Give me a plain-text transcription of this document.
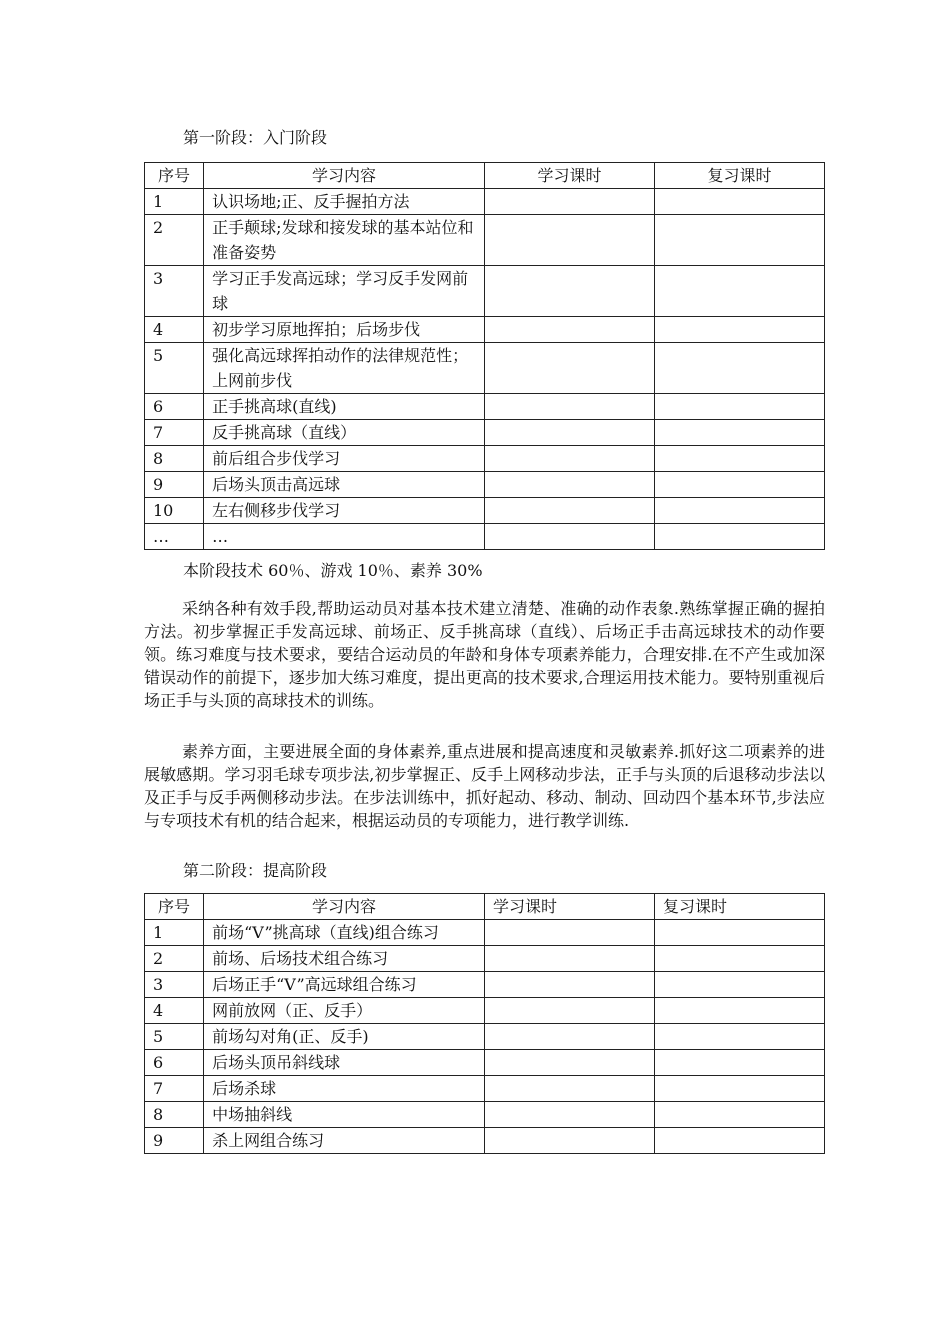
第一阶段：入门阶段
序号	学习内容	学习课时	复习课时
1	认识场地;正、反手握拍方法		
2	正手颠球;发球和接发球的基本站位和准备姿势		
3	学习正手发高远球；学习反手发网前球		
4	初步学习原地挥拍；后场步伐		
5	强化高远球挥拍动作的法律规范性；上网前步伐		
6	正手挑高球(直线)		
7	反手挑高球（直线）		
8	前后组合步伐学习		
9	后场头顶击高远球		
10	左右侧移步伐学习		
…	…		
本阶段技术 60％、游戏 10％、素养 30%
采纳各种有效手段,帮助运动员对基本技术建立清楚、准确的动作表象.熟练掌握正确的握拍方法。初步掌握正手发高远球、前场正、反手挑高球（直线）、后场正手击高远球技术的动作要领。练习难度与技术要求，要结合运动员的年龄和身体专项素养能力，合理安排.在不产生或加深错误动作的前提下，逐步加大练习难度，提出更高的技术要求,合理运用技术能力。要特别重视后场正手与头顶的高球技术的训练。
素养方面，主要进展全面的身体素养,重点进展和提高速度和灵敏素养.抓好这二项素养的进展敏感期。学习羽毛球专项步法,初步掌握正、反手上网移动步法，正手与头顶的后退移动步法以及正手与反手两侧移动步法。在步法训练中，抓好起动、移动、制动、回动四个基本环节,步法应与专项技术有机的结合起来，根据运动员的专项能力，进行教学训练.
第二阶段：提高阶段
序号	学习内容	学习课时	复习课时
1	前场“V”挑高球（直线)组合练习		
2	前场、后场技术组合练习		
3	后场正手“V”高远球组合练习		
4	网前放网（正、反手）		
5	前场勾对角(正、反手)		
6	后场头顶吊斜线球		
7	后场杀球		
8	中场抽斜线		
9	杀上网组合练习		
